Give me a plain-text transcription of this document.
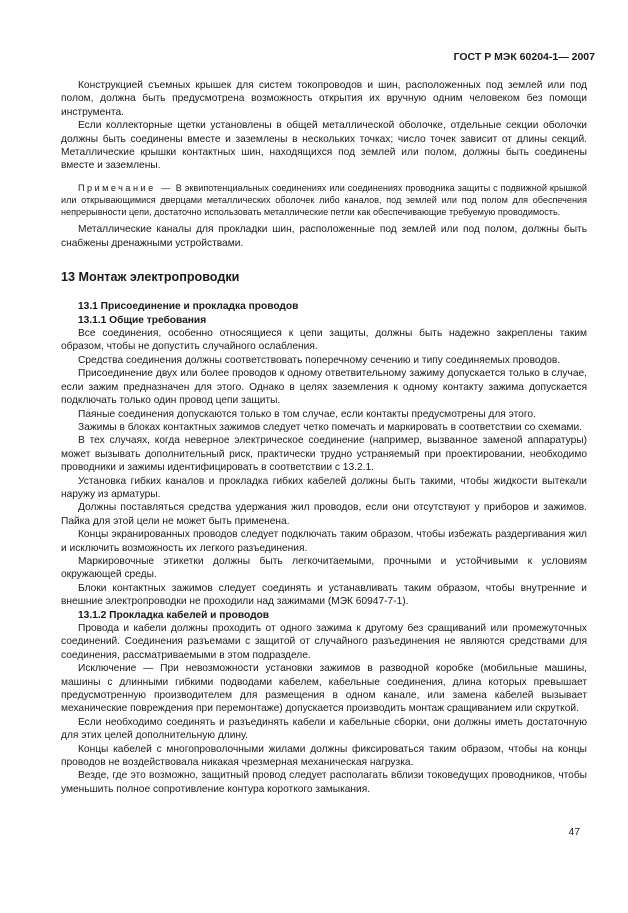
ГОСТ Р МЭК 60204-1— 2007

Конструкцией съемных крышек для систем токопроводов и шин, расположенных под землей или под полом, должна быть предусмотрена возможность открытия их вручную одним человеком без помощи инструмента.

Если коллекторные щетки установлены в общей металлической оболочке, отдельные секции оболочки должны быть соединены вместе и заземлены в нескольких точках; число точек зависит от длины секций. Металлические крышки контактных шин, находящихся под землей или полом, должны быть соединены вместе и заземлены.

Примечание — В эквипотенциальных соединениях или соединениях проводника защиты с подвижной крышкой или открывающимися дверцами металлических оболочек либо каналов, под землей или под полом для обеспечения непрерывности цепи, достаточно использовать металлические петли как обеспечивающие требуемую проводимость.

Металлические каналы для прокладки шин, расположенные под землей или под полом, должны быть снабжены дренажными устройствами.

13 Монтаж электропроводки

13.1 Присоединение и прокладка проводов

13.1.1 Общие требования

Все соединения, особенно относящиеся к цепи защиты, должны быть надежно закреплены таким образом, чтобы не допустить случайного ослабления.

Средства соединения должны соответствовать поперечному сечению и типу соединяемых проводов.

Присоединение двух или более проводов к одному ответвительному зажиму допускается только в случае, если зажим предназначен для этого. Однако в целях заземления к одному контакту зажима допускается подключать только один провод цепи защиты.

Паяные соединения допускаются только в том случае, если контакты предусмотрены для этого.

Зажимы в блоках контактных зажимов следует четко помечать и маркировать в соответствии со схемами.

В тех случаях, когда неверное электрическое соединение (например, вызванное заменой аппаратуры) может вызывать дополнительный риск, практически трудно устраняемый при проектировании, необходимо проводники и зажимы идентифицировать в соответствии с 13.2.1.

Установка гибких каналов и прокладка гибких кабелей должны быть такими, чтобы жидкости вытекали наружу из арматуры.

Должны поставляться средства удержания жил проводов, если они отсутствуют у приборов и зажимов. Пайка для этой цели не может быть применена.

Концы экранированных проводов следует подключать таким образом, чтобы избежать раздергивания жил и исключить возможность их легкого разъединения.

Маркировочные этикетки должны быть легкочитаемыми, прочными и устойчивыми к условиям окружающей среды.

Блоки контактных зажимов следует соединять и устанавливать таким образом, чтобы внутренние и внешние электропроводки не проходили над зажимами (МЭК 60947-7-1).

13.1.2 Прокладка кабелей и проводов

Провода и кабели должны проходить от одного зажима к другому без сращиваний или промежуточных соединений. Соединения разъемами с защитой от случайного разъединения не являются средствами для соединения, рассматриваемыми в этом подразделе.

Исключение — При невозможности установки зажимов в разводной коробке (мобильные машины, машины с длинными гибкими подводами кабелем, кабельные соединения, длина которых превышает предусмотренную производителем для размещения в одном канале, или замена кабелей вызывает механические повреждения при перемонтаже) допускается производить монтаж сращиванием или скруткой.

Если необходимо соединять и разъединять кабели и кабельные сборки, они должны иметь достаточную для этих целей дополнительную длину.

Концы кабелей с многопроволочными жилами должны фиксироваться таким образом, чтобы на концы проводов не воздействовала никакая чрезмерная механическая нагрузка.

Везде, где это возможно, защитный провод следует располагать вблизи токоведущих проводников, чтобы уменьшить полное сопротивление контура короткого замыкания.

47
